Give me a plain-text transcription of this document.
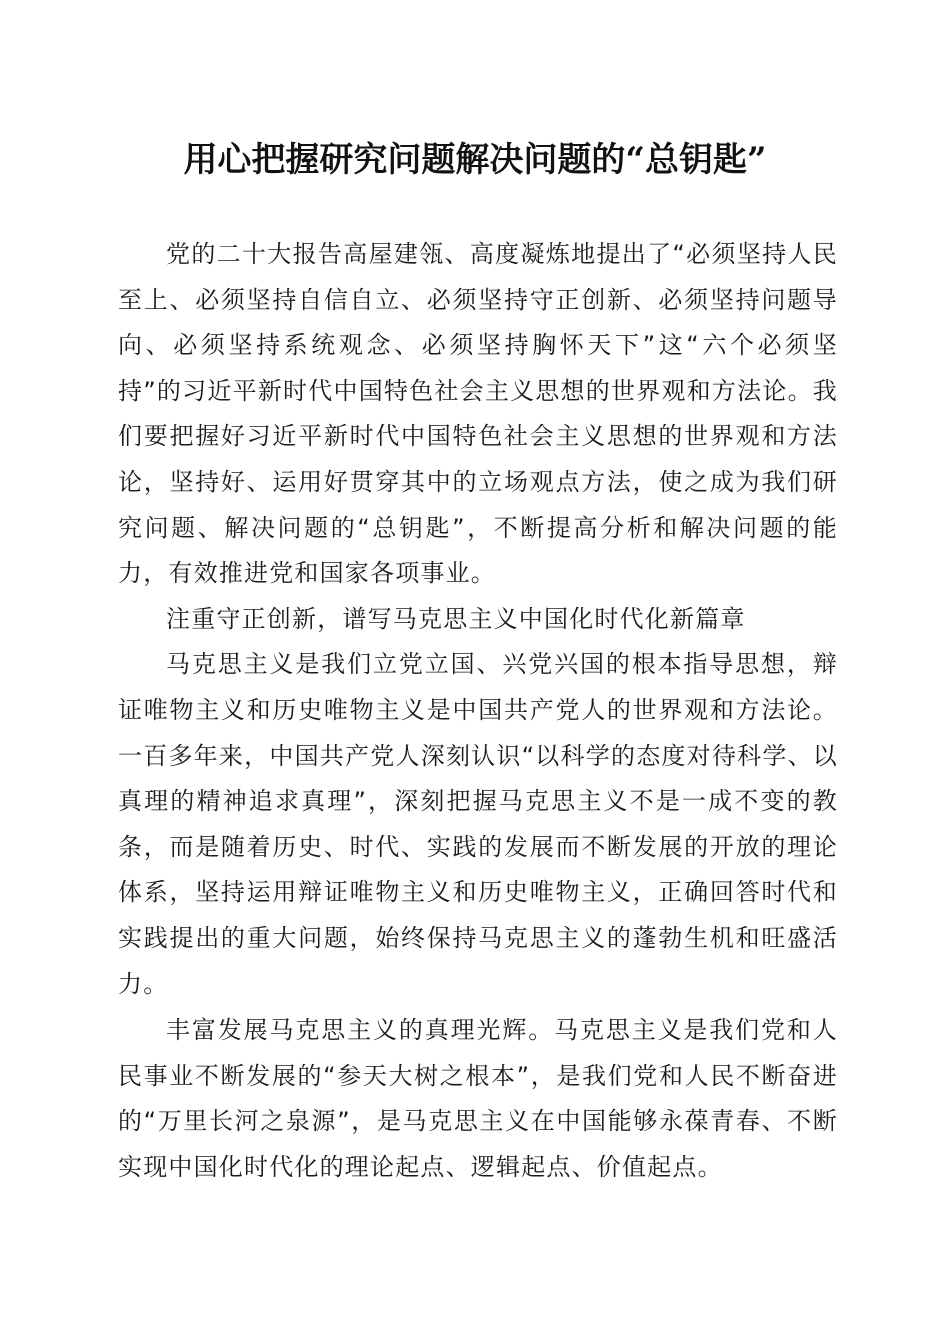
用心把握研究问题解决问题的“总钥匙”

党的二十大报告高屋建瓴、高度凝炼地提出了“必须坚持人民至上、必须坚持自信自立、必须坚持守正创新、必须坚持问题导向、必须坚持系统观念、必须坚持胸怀天下”这“六个必须坚持”的习近平新时代中国特色社会主义思想的世界观和方法论。我们要把握好习近平新时代中国特色社会主义思想的世界观和方法论，坚持好、运用好贯穿其中的立场观点方法，使之成为我们研究问题、解决问题的“总钥匙”，不断提高分析和解决问题的能力，有效推进党和国家各项事业。

注重守正创新，谱写马克思主义中国化时代化新篇章

马克思主义是我们立党立国、兴党兴国的根本指导思想，辩证唯物主义和历史唯物主义是中国共产党人的世界观和方法论。一百多年来，中国共产党人深刻认识“以科学的态度对待科学、以真理的精神追求真理”，深刻把握马克思主义不是一成不变的教条，而是随着历史、时代、实践的发展而不断发展的开放的理论体系，坚持运用辩证唯物主义和历史唯物主义，正确回答时代和实践提出的重大问题，始终保持马克思主义的蓬勃生机和旺盛活力。

丰富发展马克思主义的真理光辉。马克思主义是我们党和人民事业不断发展的“参天大树之根本”，是我们党和人民不断奋进的“万里长河之泉源”，是马克思主义在中国能够永葆青春、不断实现中国化时代化的理论起点、逻辑起点、价值起点。
